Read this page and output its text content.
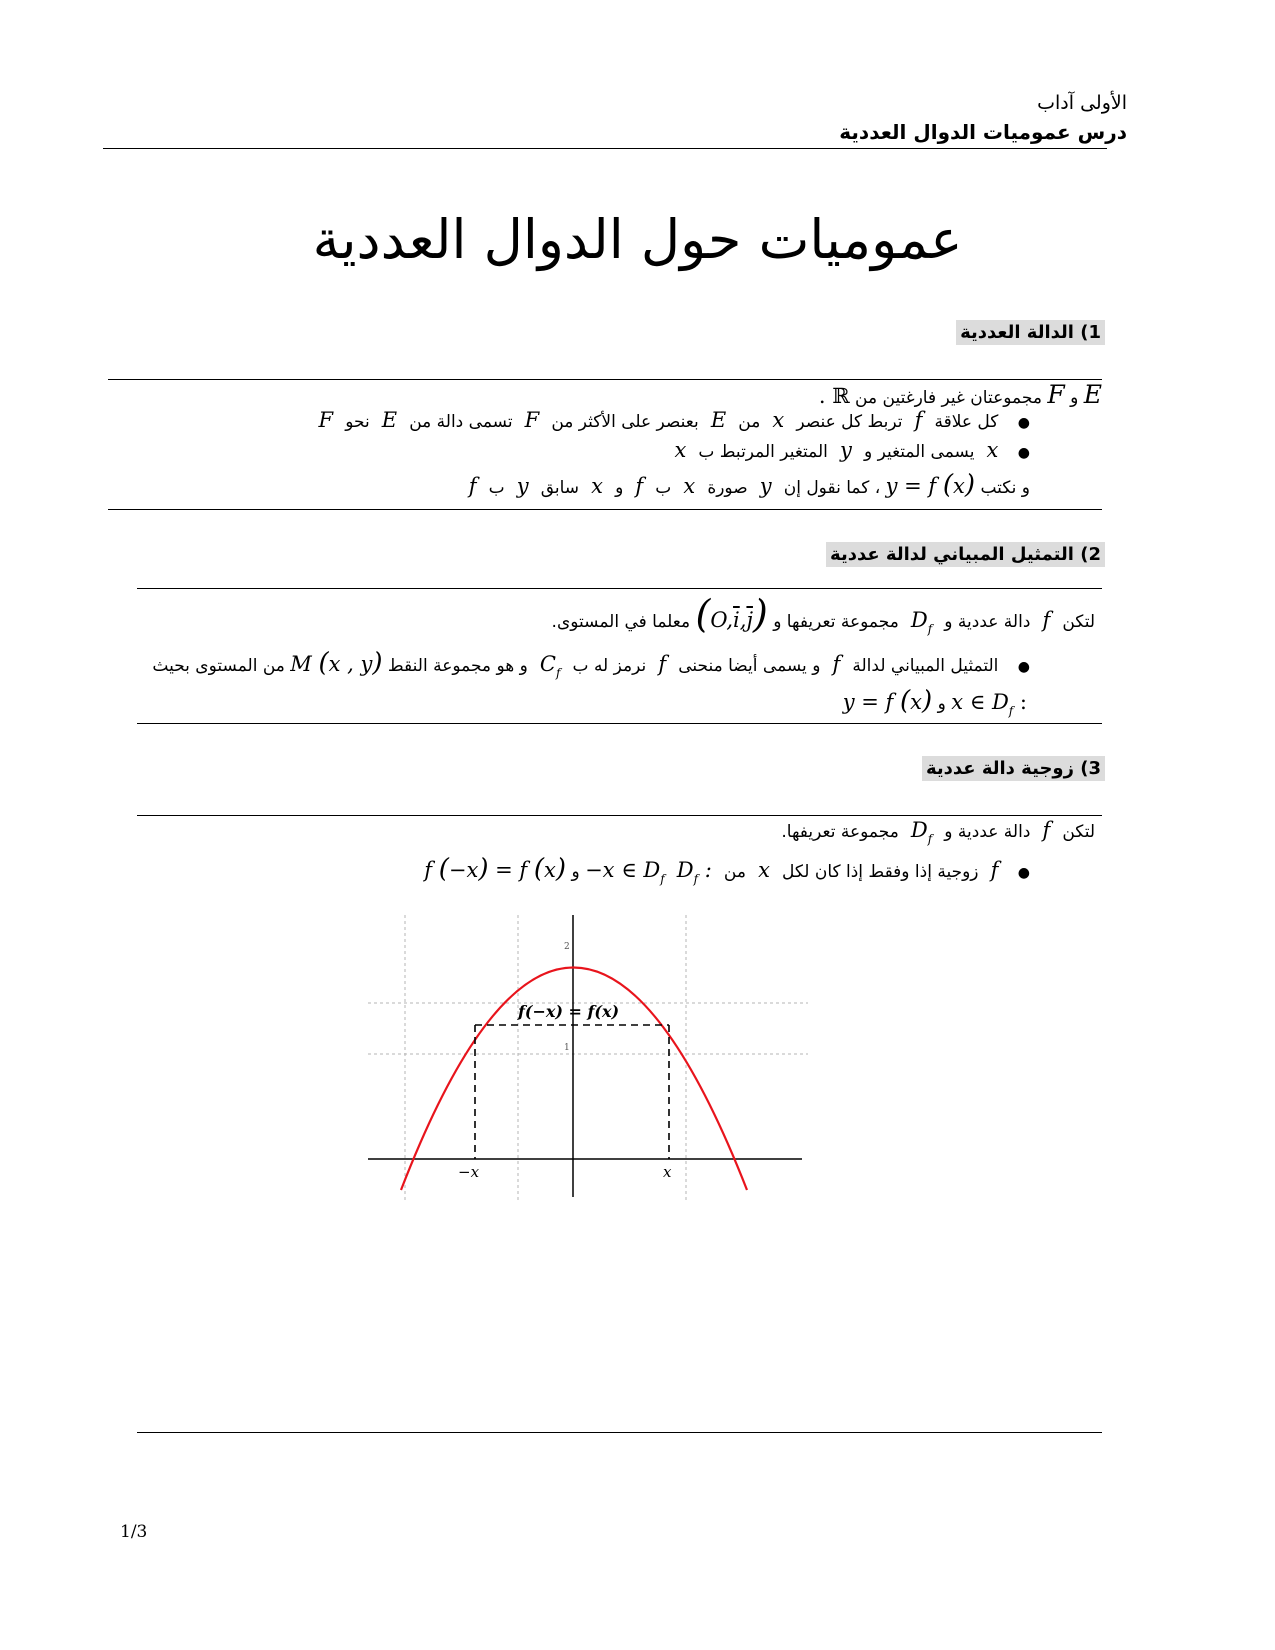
الأولى آداب
درس عموميات الدوال العددية
عموميات حول الدوال العددية
1) الدالة العددية
E و F مجموعتان غير فارغتين من ℝ .
● كل علاقة  f  تربط كل عنصر  x  من  E  بعنصر على الأكثر من  F  تسمى دالة من  E  نحو  F
● x  يسمى المتغير و  y  المتغير المرتبط ب  x
و نكتب y = f (x) ، كما نقول إن  y  صورة  x  ب  f  و  x  سابق  y  ب  f
2) التمثيل المبياني لدالة عددية
لتكن  f  دالة عددية و  $D_f$  مجموعة تعريفها و $(O,\overline{i},\overline{j})$ معلما في المستوى.
● التمثيل المبياني لدالة  f  و يسمى أيضا منحنى  f  نرمز له ب  $C_f$  و هو مجموعة النقط M (x , y) من المستوى بحيث
: x ∈ $D_f$ و y = f (x)
3) زوجية دالة عددية
لتكن  f  دالة عددية و  $D_f$  مجموعة تعريفها.
● f  زوجية إذا وفقط إذا كان لكل  x  من  $D_f$ :  −x ∈ $D_f$ و f (−x) = f (x)
2
1
f(−x) = f(x)
−x	x
1/3
